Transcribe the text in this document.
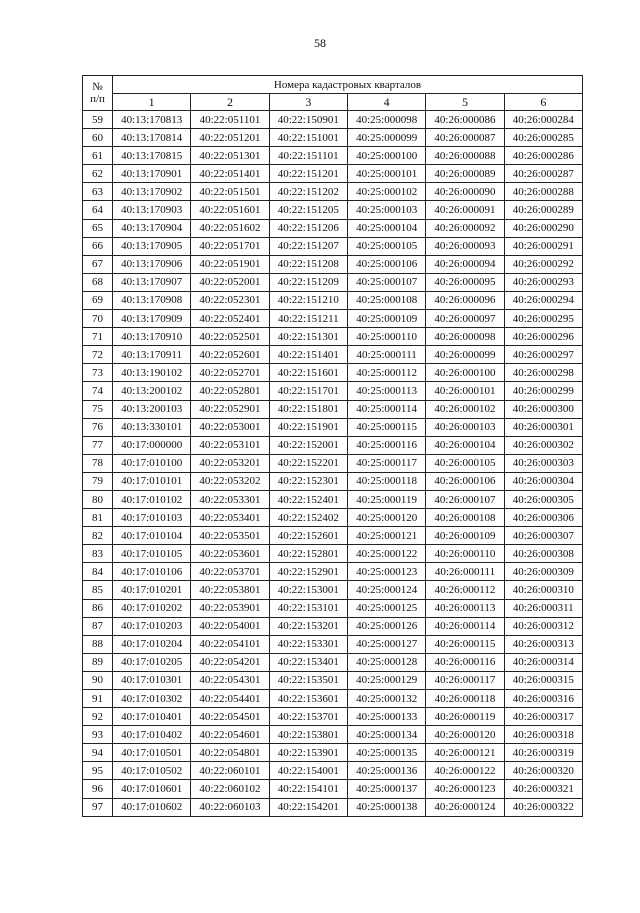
58
№
п/п	Номера кадастровых кварталов					
	1	2	3	4	5	6
59	40:13:170813	40:22:051101	40:22:150901	40:25:000098	40:26:000086	40:26:000284
60	40:13:170814	40:22:051201	40:22:151001	40:25:000099	40:26:000087	40:26:000285
61	40:13:170815	40:22:051301	40:22:151101	40:25:000100	40:26:000088	40:26:000286
62	40:13:170901	40:22:051401	40:22:151201	40:25:000101	40:26:000089	40:26:000287
63	40:13:170902	40:22:051501	40:22:151202	40:25:000102	40:26:000090	40:26:000288
64	40:13:170903	40:22:051601	40:22:151205	40:25:000103	40:26:000091	40:26:000289
65	40:13:170904	40:22:051602	40:22:151206	40:25:000104	40:26:000092	40:26:000290
66	40:13:170905	40:22:051701	40:22:151207	40:25:000105	40:26:000093	40:26:000291
67	40:13:170906	40:22:051901	40:22:151208	40:25:000106	40:26:000094	40:26:000292
68	40:13:170907	40:22:052001	40:22:151209	40:25:000107	40:26:000095	40:26:000293
69	40:13:170908	40:22:052301	40:22:151210	40:25:000108	40:26:000096	40:26:000294
70	40:13:170909	40:22:052401	40:22:151211	40:25:000109	40:26:000097	40:26:000295
71	40:13:170910	40:22:052501	40:22:151301	40:25:000110	40:26:000098	40:26:000296
72	40:13:170911	40:22:052601	40:22:151401	40:25:000111	40:26:000099	40:26:000297
73	40:13:190102	40:22:052701	40:22:151601	40:25:000112	40:26:000100	40:26:000298
74	40:13:200102	40:22:052801	40:22:151701	40:25:000113	40:26:000101	40:26:000299
75	40:13:200103	40:22:052901	40:22:151801	40:25:000114	40:26:000102	40:26:000300
76	40:13:330101	40:22:053001	40:22:151901	40:25:000115	40:26:000103	40:26:000301
77	40:17:000000	40:22:053101	40:22:152001	40:25:000116	40:26:000104	40:26:000302
78	40:17:010100	40:22:053201	40:22:152201	40:25:000117	40:26:000105	40:26:000303
79	40:17:010101	40:22:053202	40:22:152301	40:25:000118	40:26:000106	40:26:000304
80	40:17:010102	40:22:053301	40:22:152401	40:25:000119	40:26:000107	40:26:000305
81	40:17:010103	40:22:053401	40:22:152402	40:25:000120	40:26:000108	40:26:000306
82	40:17:010104	40:22:053501	40:22:152601	40:25:000121	40:26:000109	40:26:000307
83	40:17:010105	40:22:053601	40:22:152801	40:25:000122	40:26:000110	40:26:000308
84	40:17:010106	40:22:053701	40:22:152901	40:25:000123	40:26:000111	40:26:000309
85	40:17:010201	40:22:053801	40:22:153001	40:25:000124	40:26:000112	40:26:000310
86	40:17:010202	40:22:053901	40:22:153101	40:25:000125	40:26:000113	40:26:000311
87	40:17:010203	40:22:054001	40:22:153201	40:25:000126	40:26:000114	40:26:000312
88	40:17:010204	40:22:054101	40:22:153301	40:25:000127	40:26:000115	40:26:000313
89	40:17:010205	40:22:054201	40:22:153401	40:25:000128	40:26:000116	40:26:000314
90	40:17:010301	40:22:054301	40:22:153501	40:25:000129	40:26:000117	40:26:000315
91	40:17:010302	40:22:054401	40:22:153601	40:25:000132	40:26:000118	40:26:000316
92	40:17:010401	40:22:054501	40:22:153701	40:25:000133	40:26:000119	40:26:000317
93	40:17:010402	40:22:054601	40:22:153801	40:25:000134	40:26:000120	40:26:000318
94	40:17:010501	40:22:054801	40:22:153901	40:25:000135	40:26:000121	40:26:000319
95	40:17:010502	40:22:060101	40:22:154001	40:25:000136	40:26:000122	40:26:000320
96	40:17:010601	40:22:060102	40:22:154101	40:25:000137	40:26:000123	40:26:000321
97	40:17:010602	40:22:060103	40:22:154201	40:25:000138	40:26:000124	40:26:000322
